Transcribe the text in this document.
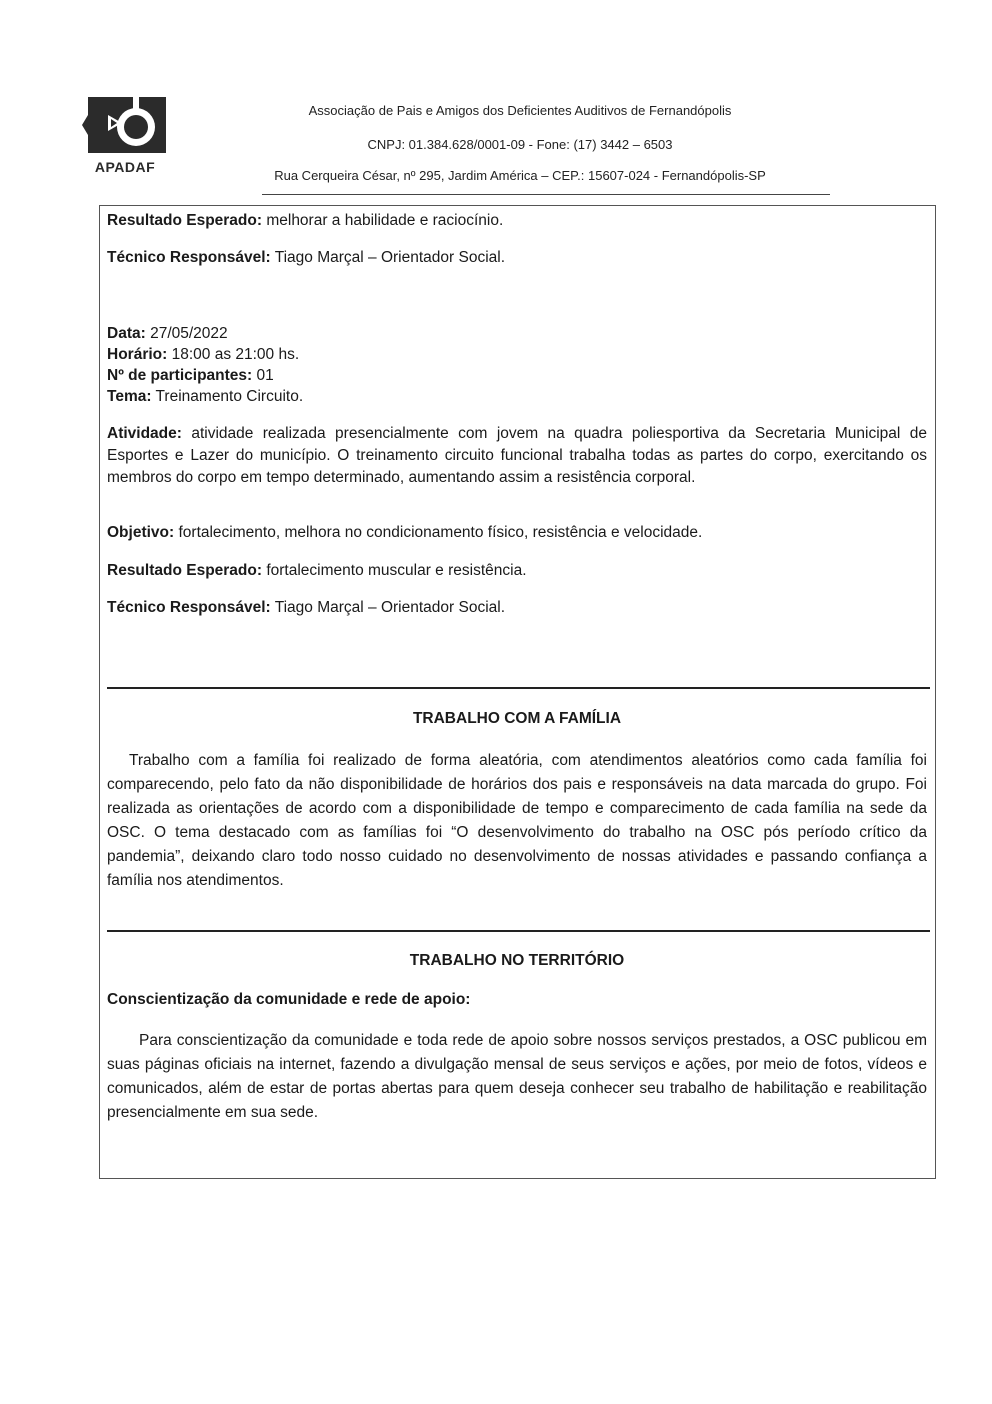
APADAF
Associação de Pais e Amigos dos Deficientes Auditivos de Fernandópolis
CNPJ: 01.384.628/0001-09 - Fone: (17) 3442 – 6503
Rua Cerqueira César, nº 295, Jardim América – CEP.: 15607-024 - Fernandópolis-SP
Resultado Esperado: melhorar a habilidade e raciocínio.
Técnico Responsável: Tiago Marçal – Orientador Social.
Data: 27/05/2022
Horário: 18:00 as 21:00 hs.
Nº de participantes: 01
Tema: Treinamento Circuito.
Atividade: atividade realizada presencialmente com jovem na quadra poliesportiva da Secretaria Municipal de Esportes e Lazer do município. O treinamento circuito funcional trabalha todas as partes do corpo, exercitando os membros do corpo em tempo determinado, aumentando assim a resistência corporal.
Objetivo: fortalecimento, melhora no condicionamento físico, resistência e velocidade.
Resultado Esperado: fortalecimento muscular e resistência.
Técnico Responsável: Tiago Marçal – Orientador Social.
TRABALHO COM A FAMÍLIA
Trabalho com a família foi realizado de forma aleatória, com atendimentos aleatórios como cada família foi comparecendo, pelo fato da não disponibilidade de horários dos pais e responsáveis na data marcada do grupo. Foi realizada as orientações de acordo com a disponibilidade de tempo e comparecimento de cada família na sede da OSC. O tema destacado com as famílias foi “O desenvolvimento do trabalho na OSC pós período crítico da pandemia”, deixando claro todo nosso cuidado no desenvolvimento de nossas atividades e passando confiança a família nos atendimentos.
TRABALHO NO TERRITÓRIO
Conscientização da comunidade e rede de apoio:
Para conscientização da comunidade e toda rede de apoio sobre nossos serviços prestados, a OSC publicou em suas páginas oficiais na internet, fazendo a divulgação mensal de seus serviços e ações, por meio de fotos, vídeos e comunicados, além de estar de portas abertas para quem deseja conhecer seu trabalho de habilitação e reabilitação presencialmente em sua sede.
